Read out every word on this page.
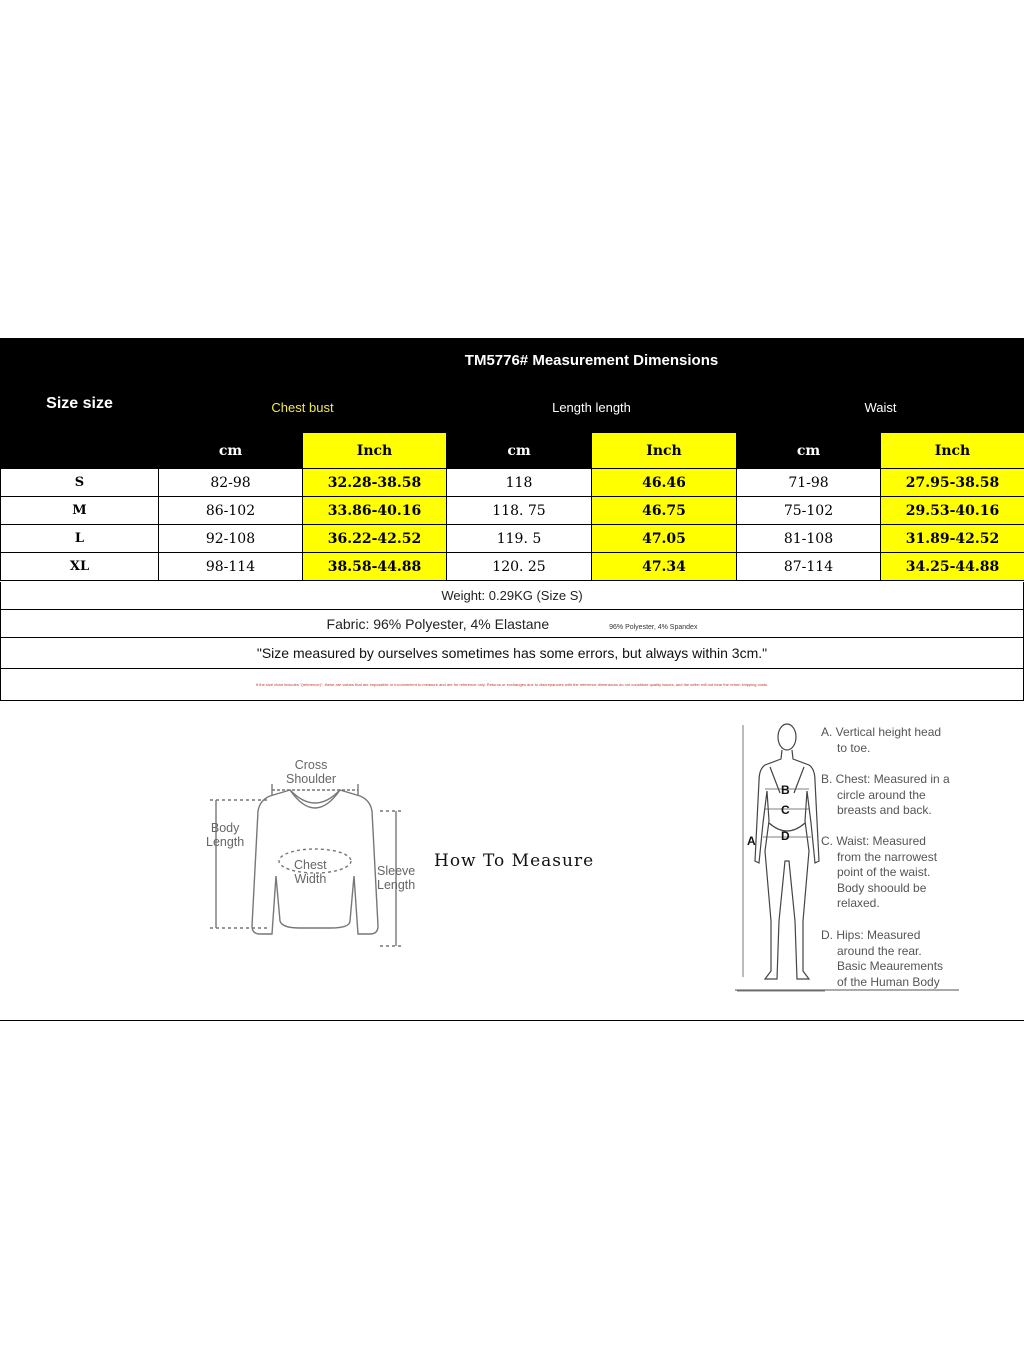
Size size	TM5776# Measurement Dimensions					
	Chest bust		Length length		Waist	
	cm	Inch	cm	Inch	cm	Inch
S	82-98	32.28-38.58	118	46.46	71-98	27.95-38.58
M	86-102	33.86-40.16	118. 75	46.75	75-102	29.53-40.16
L	92-108	36.22-42.52	119. 5	47.05	81-108	31.89-42.52
XL	98-114	38.58-44.88	120. 25	47.34	87-114	34.25-44.88
Weight: 0.29KG (Size S)
Fabric: 96% Polyester, 4% Elastane	96% Polyester, 4% Spandex
"Size measured by ourselves sometimes has some errors, but always within 3cm."
If the size chart includes "(reference)", these are values that are impossible or inconvenient to measure and are for reference only. Returns or exchanges due to discrepancies with the reference dimensions do not constitute quality issues, and the seller will not bear the return shipping costs.
Cross
Shoulder
Body
Length
Chest
Width
Sleeve
Length
How To Measure
A
B
C
D
A. Vertical height head
to toe.
B. Chest: Measured in a
circle around the
breasts and back.
C. Waist: Measured
from the narrowest
point of the waist.
Body shoould be
relaxed.
D. Hips: Measured
around the rear.
Basic Meaurements
of the Human Body
